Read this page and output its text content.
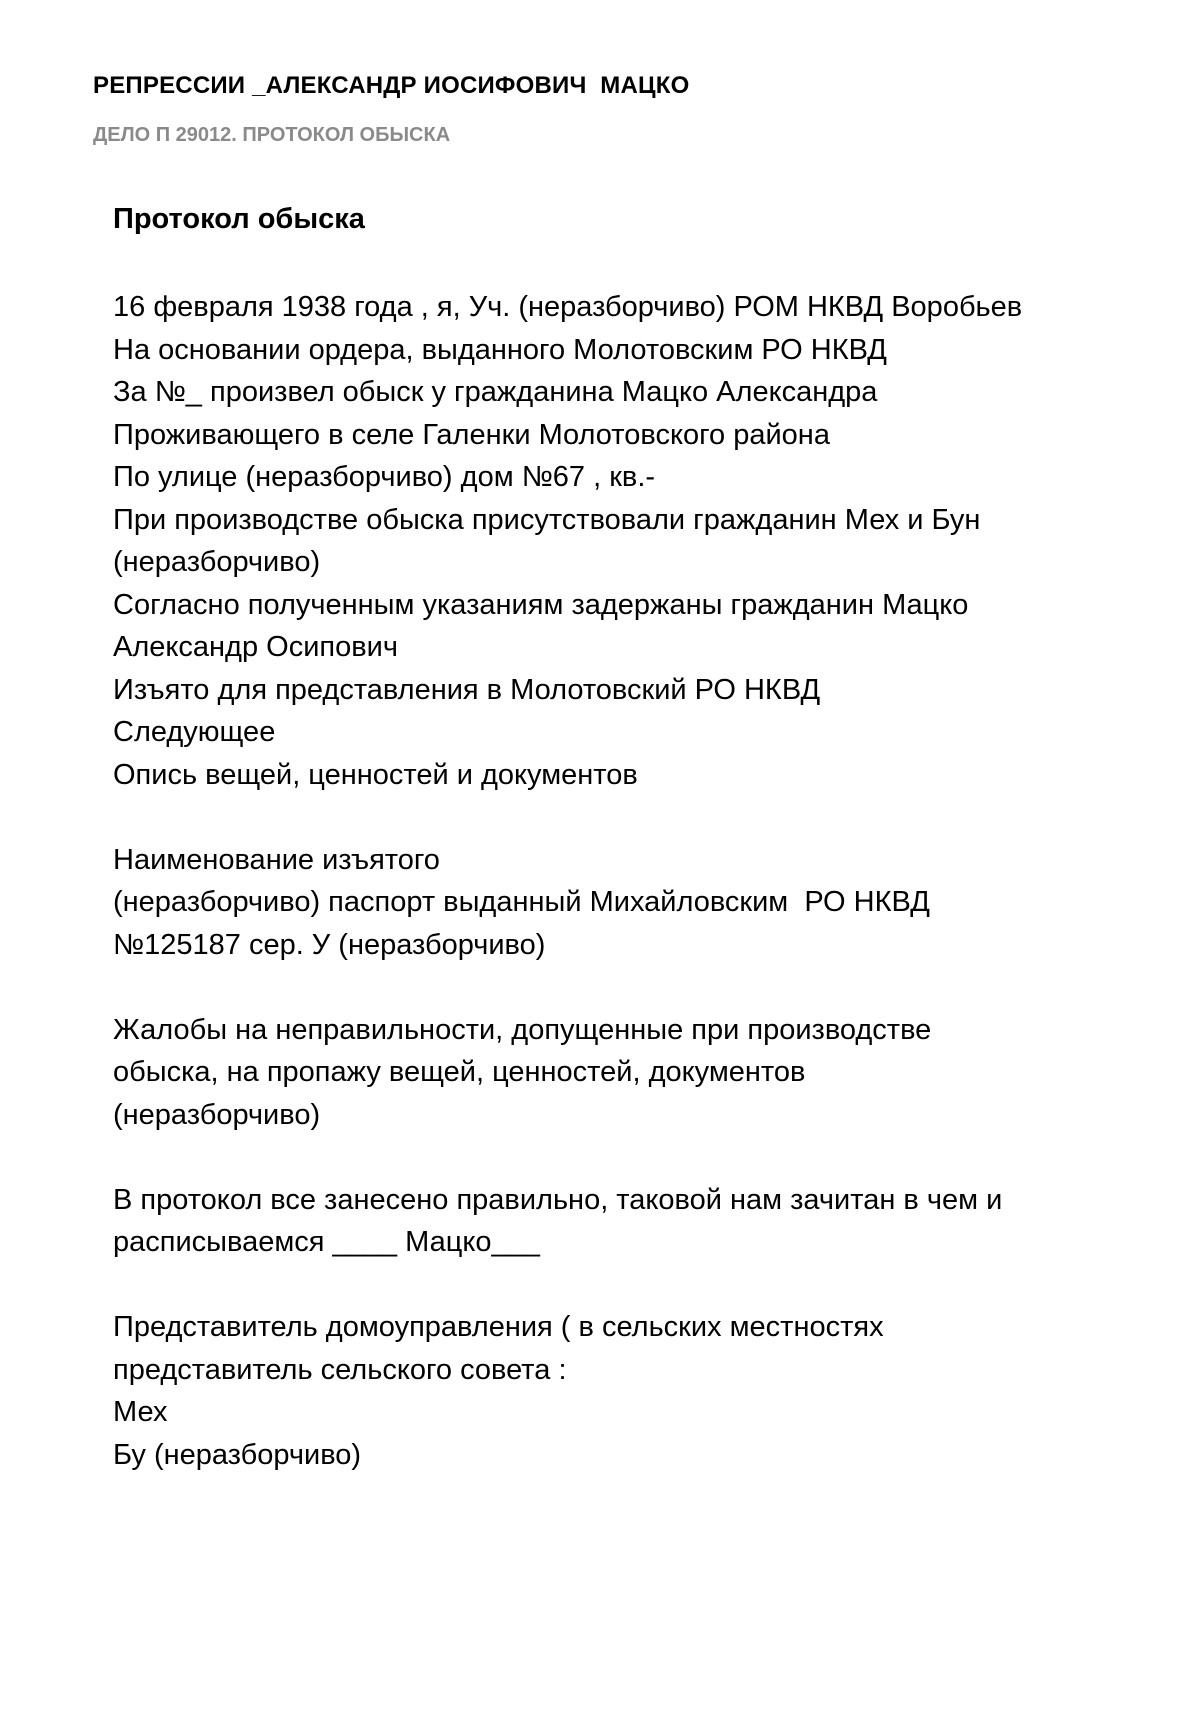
РЕПРЕССИИ _АЛЕКСАНДР ИОСИФОВИЧ  МАЦКО
ДЕЛО П 29012. ПРОТОКОЛ ОБЫСКА
Протокол обыска
16 февраля 1938 года , я, Уч. (неразборчиво) РОМ НКВД Воробьев
На основании ордера, выданного Молотовским РО НКВД
За №_ произвел обыск у гражданина Мацко Александра
Проживающего в селе Галенки Молотовского района
По улице (неразборчиво) дом №67 , кв.-
При производстве обыска присутствовали гражданин Мех и Бун
(неразборчиво)
Согласно полученным указаниям задержаны гражданин Мацко
Александр Осипович
Изъято для представления в Молотовский РО НКВД
Следующее
Опись вещей, ценностей и документов
Наименование изъятого
(неразборчиво) паспорт выданный Михайловским  РО НКВД
№125187 сер. У (неразборчиво)
Жалобы на неправильности, допущенные при производстве
обыска, на пропажу вещей, ценностей, документов
(неразборчиво)
В протокол все занесено правильно, таковой нам зачитан в чем и
расписываемся ____ Мацко___
Представитель домоуправления ( в сельских местностях
представитель сельского совета :
Мех
Бу (неразборчиво)
